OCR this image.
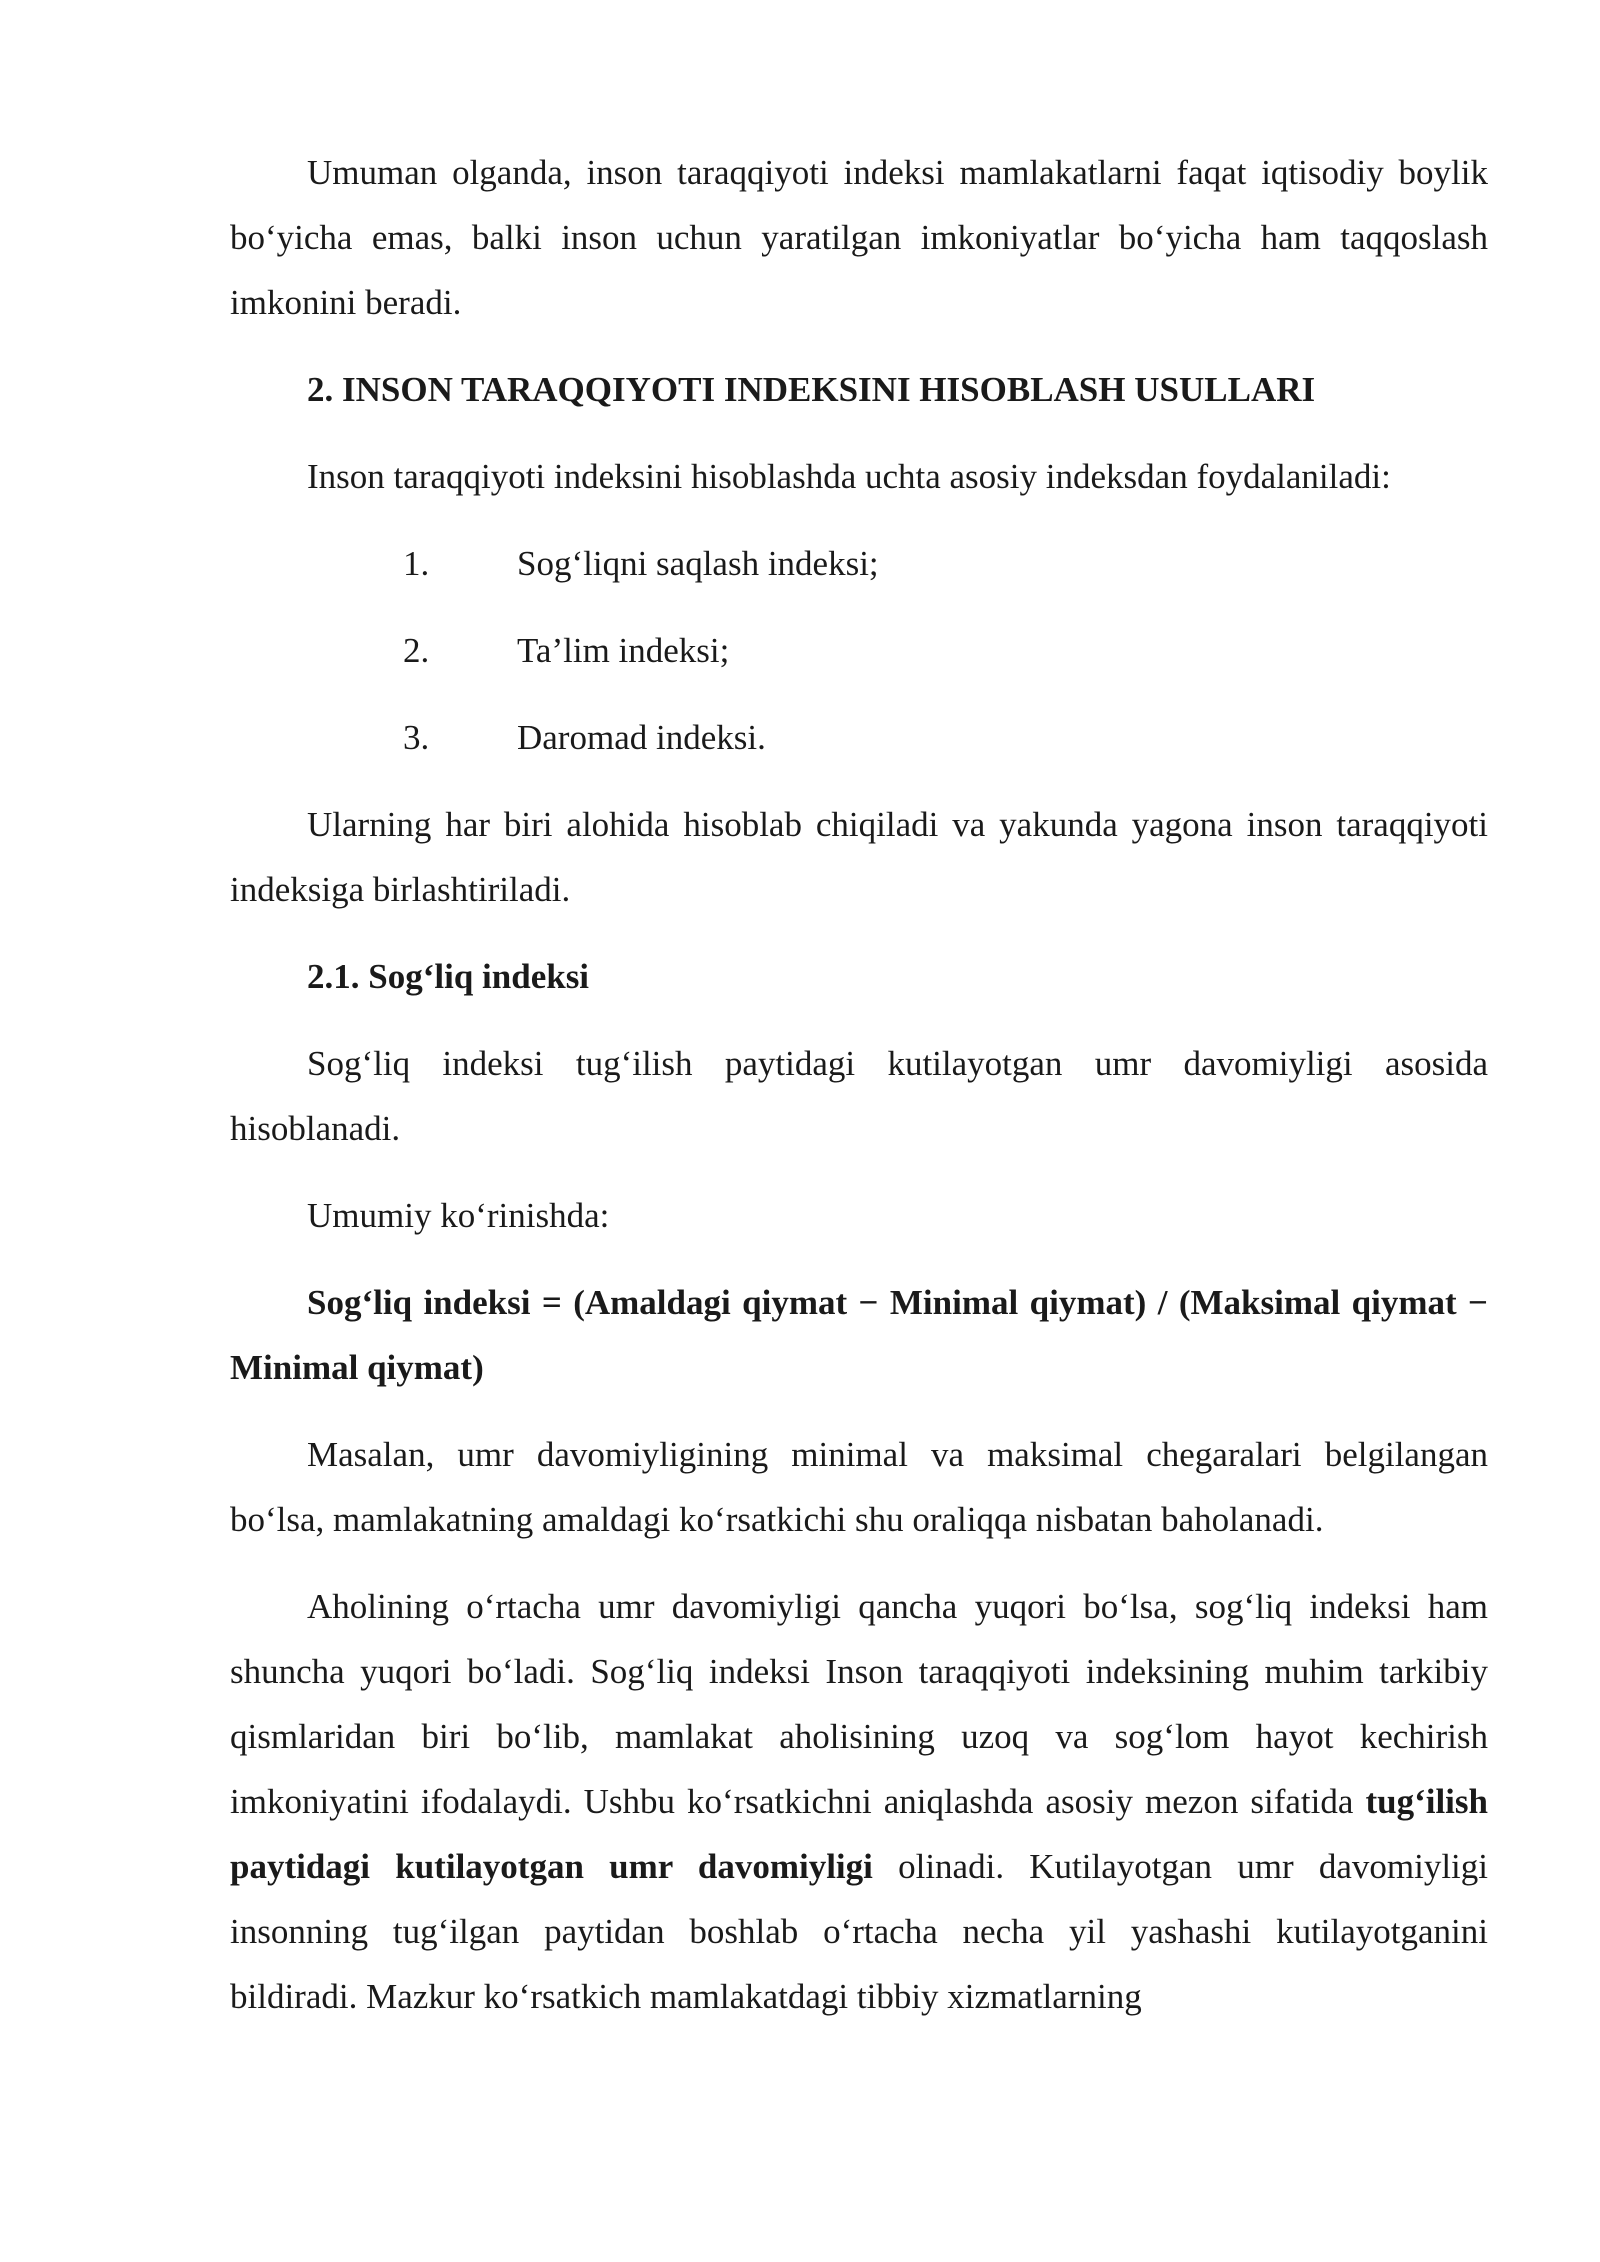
Umuman olganda, inson taraqqiyoti indeksi mamlakatlarni faqat iqtisodiy boylik bo‘yicha emas, balki inson uchun yaratilgan imkoniyatlar bo‘yicha ham taqqoslash imkonini beradi.

2. INSON TARAQQIYOTI INDEKSINI HISOBLASH USULLARI

Inson taraqqiyoti indeksini hisoblashda uchta asosiy indeksdan foydalaniladi:

1.	Sog‘liqni saqlash indeksi;
2.	Ta’lim indeksi;
3.	Daromad indeksi.

Ularning har biri alohida hisoblab chiqiladi va yakunda yagona inson taraqqiyoti indeksiga birlashtiriladi.

2.1. Sog‘liq indeksi

Sog‘liq indeksi tug‘ilish paytidagi kutilayotgan umr davomiyligi asosida hisoblanadi.

Umumiy ko‘rinishda:

Sog‘liq indeksi = (Amaldagi qiymat − Minimal qiymat) / (Maksimal qiymat − Minimal qiymat)

Masalan, umr davomiyligining minimal va maksimal chegaralari belgilangan bo‘lsa, mamlakatning amaldagi ko‘rsatkichi shu oraliqqa nisbatan baholanadi.

Aholining o‘rtacha umr davomiyligi qancha yuqori bo‘lsa, sog‘liq indeksi ham shuncha yuqori bo‘ladi. Sog‘liq indeksi Inson taraqqiyoti indeksining muhim tarkibiy qismlaridan biri bo‘lib, mamlakat aholisining uzoq va sog‘lom hayot kechirish imkoniyatini ifodalaydi. Ushbu ko‘rsatkichni aniqlashda asosiy mezon sifatida tug‘ilish paytidagi kutilayotgan umr davomiyligi olinadi. Kutilayotgan umr davomiyligi insonning tug‘ilgan paytidan boshlab o‘rtacha necha yil yashashi kutilayotganini bildiradi. Mazkur ko‘rsatkich mamlakatdagi tibbiy xizmatlarning
